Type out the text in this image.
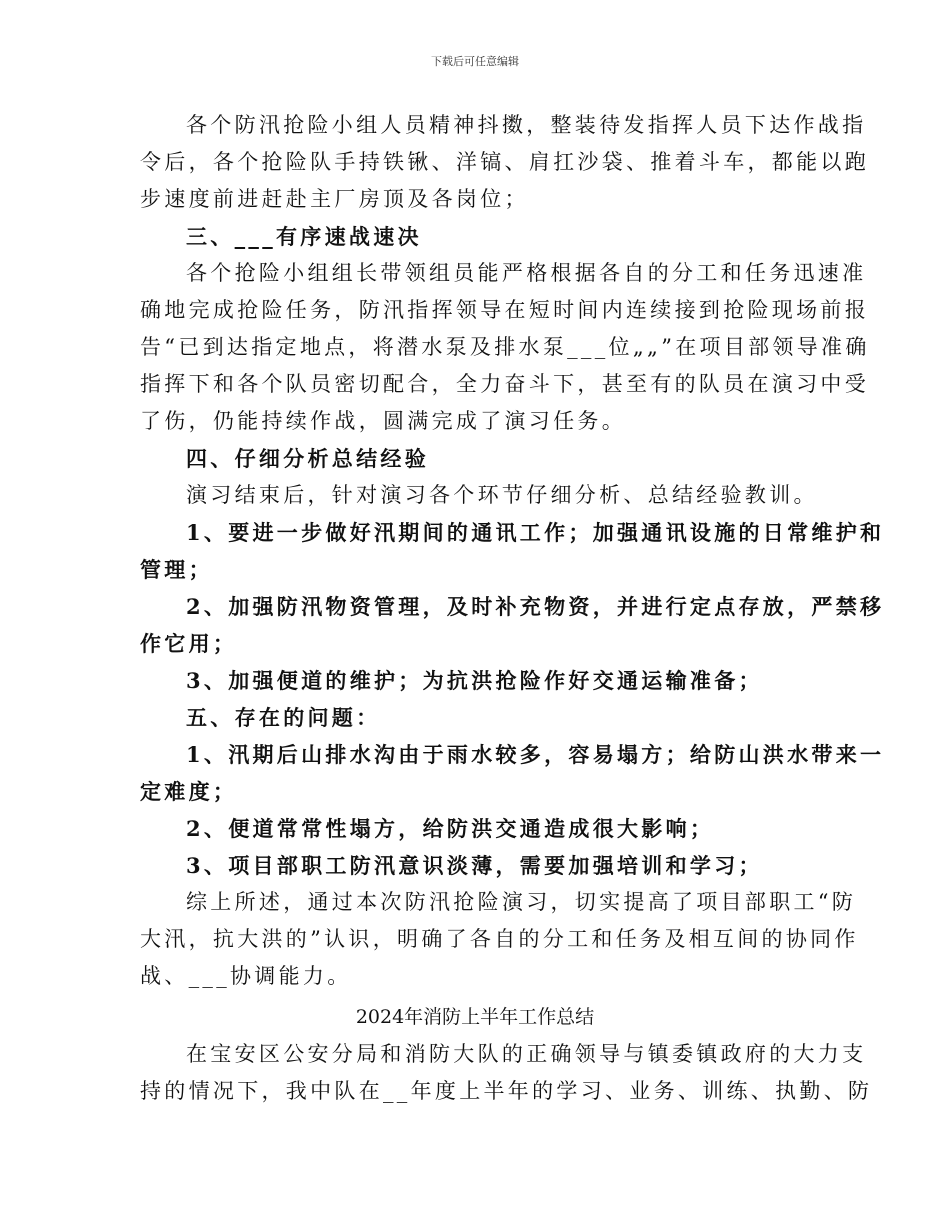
下载后可任意编辑
各个防汛抢险小组人员精神抖擞，整装待发指挥人员下达作战指
令后，各个抢险队手持铁锹、洋镐、肩扛沙袋、推着斗车，都能以跑
步速度前进赶赴主厂房顶及各岗位；
三、___有序速战速决
各个抢险小组组长带领组员能严格根据各自的分工和任务迅速准
确地完成抢险任务，防汛指挥领导在短时间内连续接到抢险现场前报
告“已到达指定地点，将潜水泵及排水泵___位„„”在项目部领导准确
指挥下和各个队员密切配合，全力奋斗下，甚至有的队员在演习中受
了伤，仍能持续作战，圆满完成了演习任务。
四、仔细分析总结经验
演习结束后，针对演习各个环节仔细分析、总结经验教训。
1、要进一步做好汛期间的通讯工作；加强通讯设施的日常维护和
管理；
2、加强防汛物资管理，及时补充物资，并进行定点存放，严禁移
作它用；
3、加强便道的维护；为抗洪抢险作好交通运输准备；
五、存在的问题：
1、汛期后山排水沟由于雨水较多，容易塌方；给防山洪水带来一
定难度；
2、便道常常性塌方，给防洪交通造成很大影响；
3、项目部职工防汛意识淡薄，需要加强培训和学习；
综上所述，通过本次防汛抢险演习，切实提高了项目部职工“防
大汛，抗大洪的”认识，明确了各自的分工和任务及相互间的协同作
战、___协调能力。
2024年消防上半年工作总结
在宝安区公安分局和消防大队的正确领导与镇委镇政府的大力支
持的情况下，我中队在__年度上半年的学习、业务、训练、执勤、防
